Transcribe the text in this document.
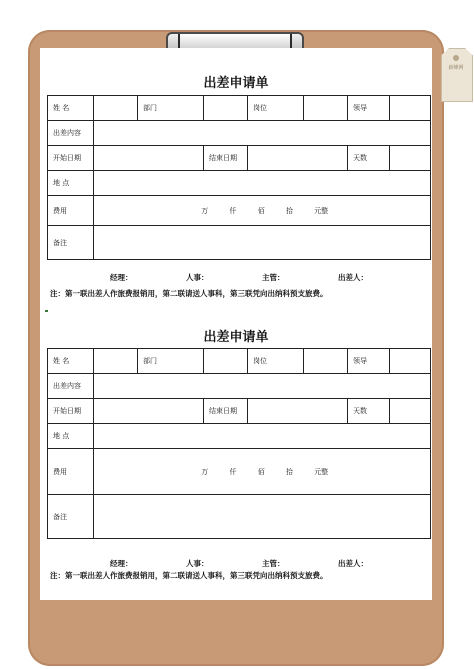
新峰网
出差申请单
姓 名		部门		岗位		领导	
出差内容							
开始日期			结束日期			天数	
地 点							
费用	万 仟 佰 拾 元整						
备注							
经理：	人事：	主管：	出差人：
注：第一联出差人作旅费报销用，第二联请送人事科，第三联凭向出纳科预支旅费。
出差申请单
姓 名		部门		岗位		领导	
出差内容							
开始日期			结束日期			天数	
地 点							
费用	万 仟 佰 拾 元整						
备注							
经理：	人事：	主管：	出差人：
注：第一联出差人作旅费报销用，第二联请送人事科，第三联凭向出纳科预支旅费。
